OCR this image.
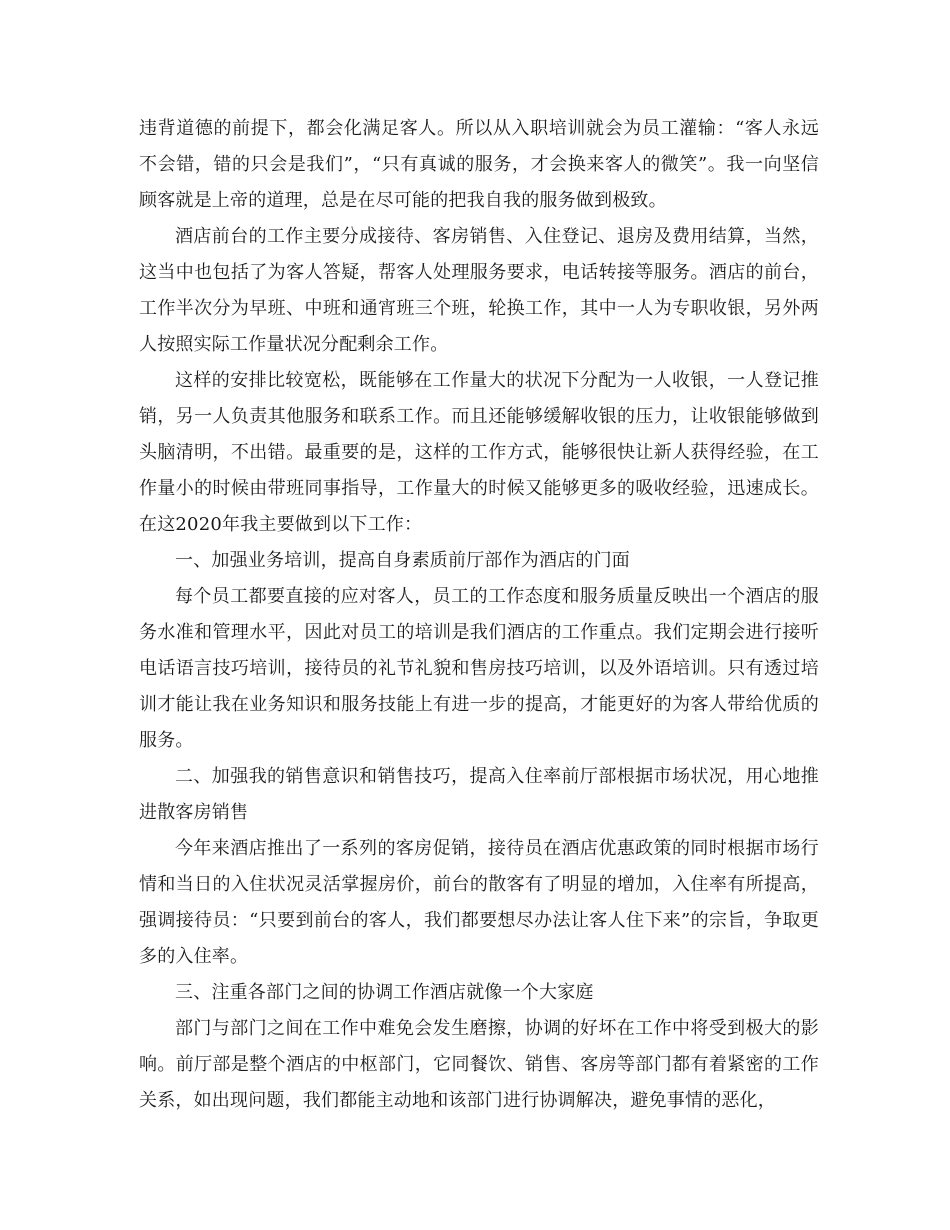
违背道德的前提下，都会化满足客人。所以从入职培训就会为员工灌输：“客人永远不会错，错的只会是我们”，“只有真诚的服务，才会换来客人的微笑”。我一向坚信顾客就是上帝的道理，总是在尽可能的把我自我的服务做到极致。

酒店前台的工作主要分成接待、客房销售、入住登记、退房及费用结算，当然，这当中也包括了为客人答疑，帮客人处理服务要求，电话转接等服务。酒店的前台，工作半次分为早班、中班和通宵班三个班，轮换工作，其中一人为专职收银，另外两人按照实际工作量状况分配剩余工作。

这样的安排比较宽松，既能够在工作量大的状况下分配为一人收银，一人登记推销，另一人负责其他服务和联系工作。而且还能够缓解收银的压力，让收银能够做到头脑清明，不出错。最重要的是，这样的工作方式，能够很快让新人获得经验，在工作量小的时候由带班同事指导，工作量大的时候又能够更多的吸收经验，迅速成长。在这2020年我主要做到以下工作：

一、加强业务培训，提高自身素质前厅部作为酒店的门面

每个员工都要直接的应对客人，员工的工作态度和服务质量反映出一个酒店的服务水准和管理水平，因此对员工的培训是我们酒店的工作重点。我们定期会进行接听电话语言技巧培训，接待员的礼节礼貌和售房技巧培训，以及外语培训。只有透过培训才能让我在业务知识和服务技能上有进一步的提高，才能更好的为客人带给优质的服务。

二、加强我的销售意识和销售技巧，提高入住率前厅部根据市场状况，用心地推进散客房销售

今年来酒店推出了一系列的客房促销，接待员在酒店优惠政策的同时根据市场行情和当日的入住状况灵活掌握房价，前台的散客有了明显的增加，入住率有所提高，强调接待员：“只要到前台的客人，我们都要想尽办法让客人住下来”的宗旨，争取更多的入住率。

三、注重各部门之间的协调工作酒店就像一个大家庭

部门与部门之间在工作中难免会发生磨擦，协调的好坏在工作中将受到极大的影响。前厅部是整个酒店的中枢部门，它同餐饮、销售、客房等部门都有着紧密的工作关系，如出现问题，我们都能主动地和该部门进行协调解决，避免事情的恶化，
